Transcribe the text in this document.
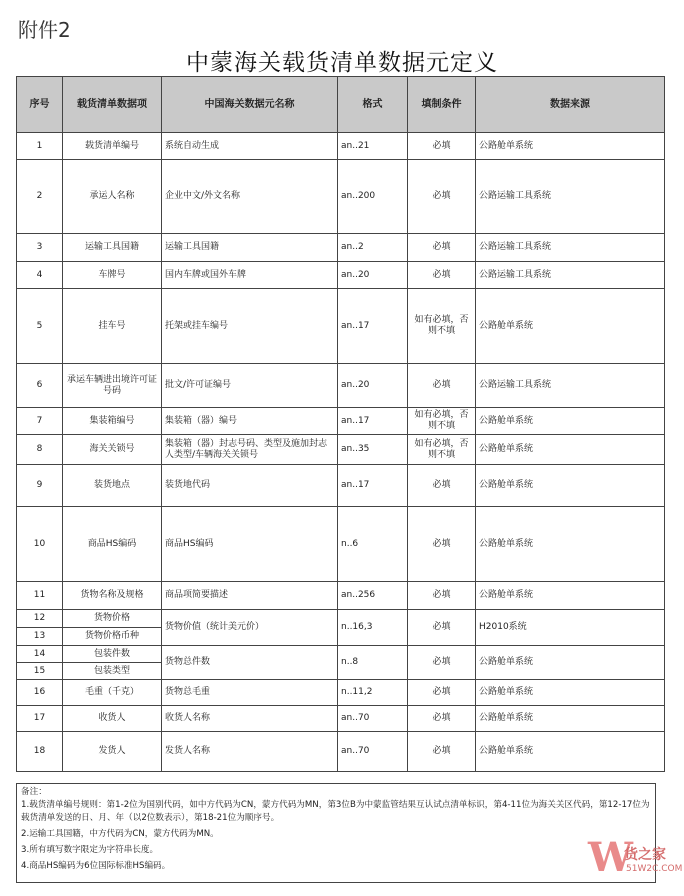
附件2
中蒙海关载货清单数据元定义
序号	载货清单数据项	中国海关数据元名称	格式	填制条件	数据来源
1	载货清单编号	系统自动生成	an..21	必填	公路舱单系统
2	承运人名称	企业中文/外文名称	an..200	必填	公路运输工具系统
3	运输工具国籍	运输工具国籍	an..2	必填	公路运输工具系统
4	车牌号	国内车牌或国外车牌	an..20	必填	公路运输工具系统
5	挂车号	托架或挂车编号	an..17	如有必填，否则不填	公路舱单系统
6	承运车辆进出境许可证号码	批文/许可证编号	an..20	必填	公路运输工具系统
7	集装箱编号	集装箱（器）编号	an..17	如有必填，否则不填	公路舱单系统
8	海关关锁号	集装箱（器）封志号码、类型及施加封志人类型/车辆海关关锁号	an..35	如有必填，否则不填	公路舱单系统
9	装货地点	装货地代码	an..17	必填	公路舱单系统
10	商品HS编码	商品HS编码	n..6	必填	公路舱单系统
11	货物名称及规格	商品项简要描述	an..256	必填	公路舱单系统
12	货物价格	货物价值（统计美元价）	n..16,3	必填	H2010系统
13	货物价格币种				
14	包装件数	货物总件数	n..8	必填	公路舱单系统
15	包装类型				
16	毛重（千克）	货物总毛重	n..11,2	必填	公路舱单系统
17	收货人	收货人名称	an..70	必填	公路舱单系统
18	发货人	发货人名称	an..70	必填	公路舱单系统

备注：

1.载货清单编号规则：第1-2位为国别代码，如中方代码为CN，蒙方代码为MN，第3位B为中蒙监管结果互认试点清单标识，第4-11位为海关关区代码，第12-17位为载货清单发送的日、月、年（以2位数表示），第18-21位为顺序号。

2.运输工具国籍，中方代码为CN，蒙方代码为MN。

3.所有填写数字限定为字符串长度。

4.商品HS编码为6位国际标准HS编码。	W
货之家
51W2C.COM
